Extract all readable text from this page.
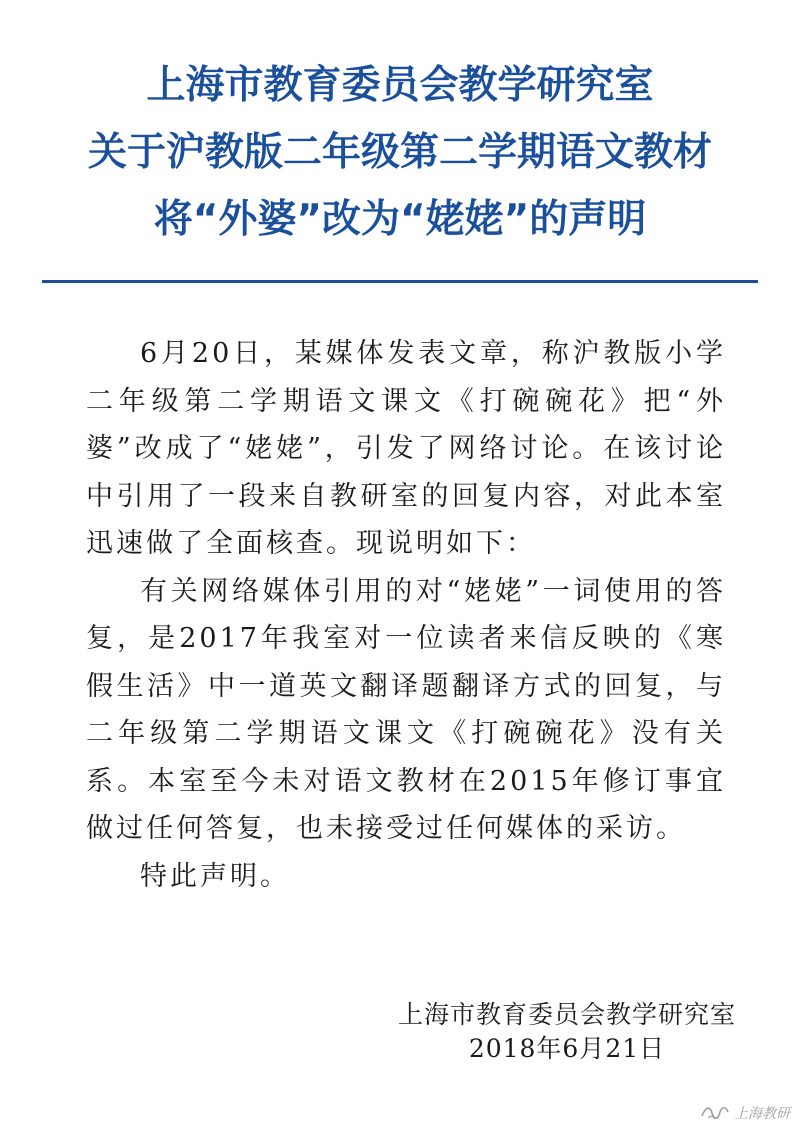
上海市教育委员会教学研究室
关于沪教版二年级第二学期语文教材
将“外婆”改为“姥姥”的声明

6月20日，某媒体发表文章，称沪教版小学二年级第二学期语文课文《打碗碗花》把“外婆”改成了“姥姥”，引发了网络讨论。在该讨论中引用了一段来自教研室的回复内容，对此本室迅速做了全面核查。现说明如下：

有关网络媒体引用的对“姥姥”一词使用的答复，是2017年我室对一位读者来信反映的《寒假生活》中一道英文翻译题翻译方式的回复，与二年级第二学期语文课文《打碗碗花》没有关系。本室至今未对语文教材在2015年修订事宜做过任何答复，也未接受过任何媒体的采访。

特此声明。

上海市教育委员会教学研究室
2018年6月21日
上海教研
